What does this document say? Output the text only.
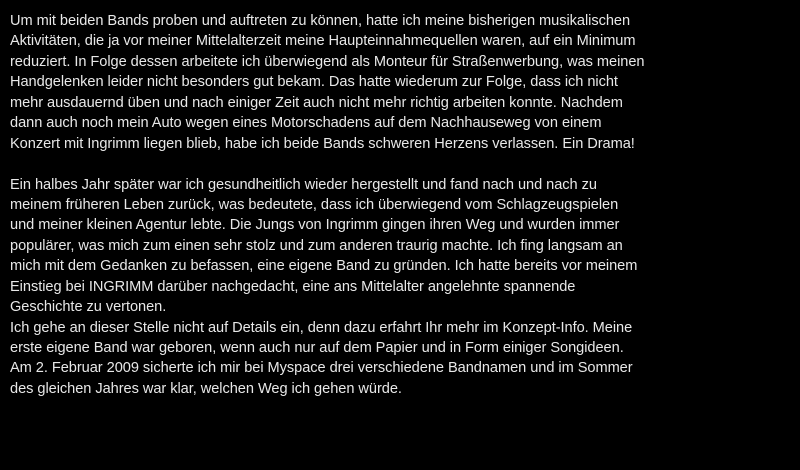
Um mit beiden Bands proben und auftreten zu können, hatte ich meine bisherigen musikalischen
Aktivitäten, die ja vor meiner Mittelalterzeit meine Haupteinnahmequellen waren, auf ein Minimum
reduziert. In Folge dessen arbeitete ich überwiegend als Monteur für Straßenwerbung, was meinen
Handgelenken leider nicht besonders gut bekam. Das hatte wiederum zur Folge, dass ich nicht
mehr ausdauernd üben und nach einiger Zeit auch nicht mehr richtig arbeiten konnte. Nachdem
dann auch noch mein Auto wegen eines Motorschadens auf dem Nachhauseweg von einem
Konzert mit Ingrimm liegen blieb, habe ich beide Bands schweren Herzens verlassen. Ein Drama!
Ein halbes Jahr später war ich gesundheitlich wieder hergestellt und fand nach und nach zu
meinem früheren Leben zurück, was bedeutete, dass ich überwiegend vom Schlagzeugspielen
und meiner kleinen Agentur lebte. Die Jungs von Ingrimm gingen ihren Weg und wurden immer
populärer, was mich zum einen sehr stolz und zum anderen traurig machte. Ich fing langsam an
mich mit dem Gedanken zu befassen, eine eigene Band zu gründen. Ich hatte bereits vor meinem
Einstieg bei INGRIMM darüber nachgedacht, eine ans Mittelalter angelehnte spannende
Geschichte zu vertonen.
Ich gehe an dieser Stelle nicht auf Details ein, denn dazu erfahrt Ihr mehr im Konzept-Info. Meine
erste eigene Band war geboren, wenn auch nur auf dem Papier und in Form einiger Songideen.
Am 2. Februar 2009 sicherte ich mir bei Myspace drei verschiedene Bandnamen und im Sommer
des gleichen Jahres war klar, welchen Weg ich gehen würde.
